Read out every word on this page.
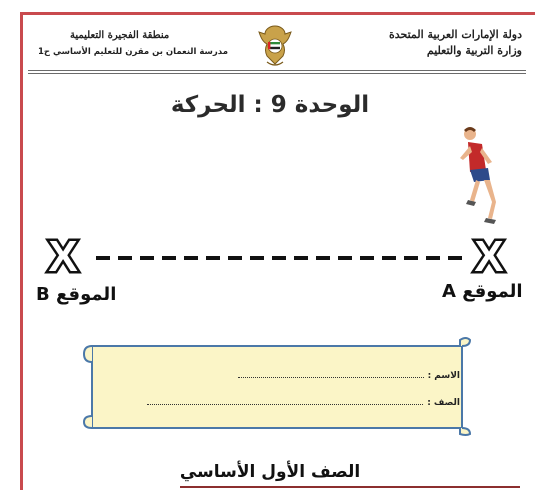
دولة الإمارات العربية المتحدة
وزارة التربية والتعليم
منطقة الفجيرة التعليمية
مدرسة النعمان بن مقرن للتعليم الأساسي ح1
الوحدة 9 : الحركة
X	X
الموقع A
الموقع B
الاسم :
الصف :
الصف الأول الأساسي
